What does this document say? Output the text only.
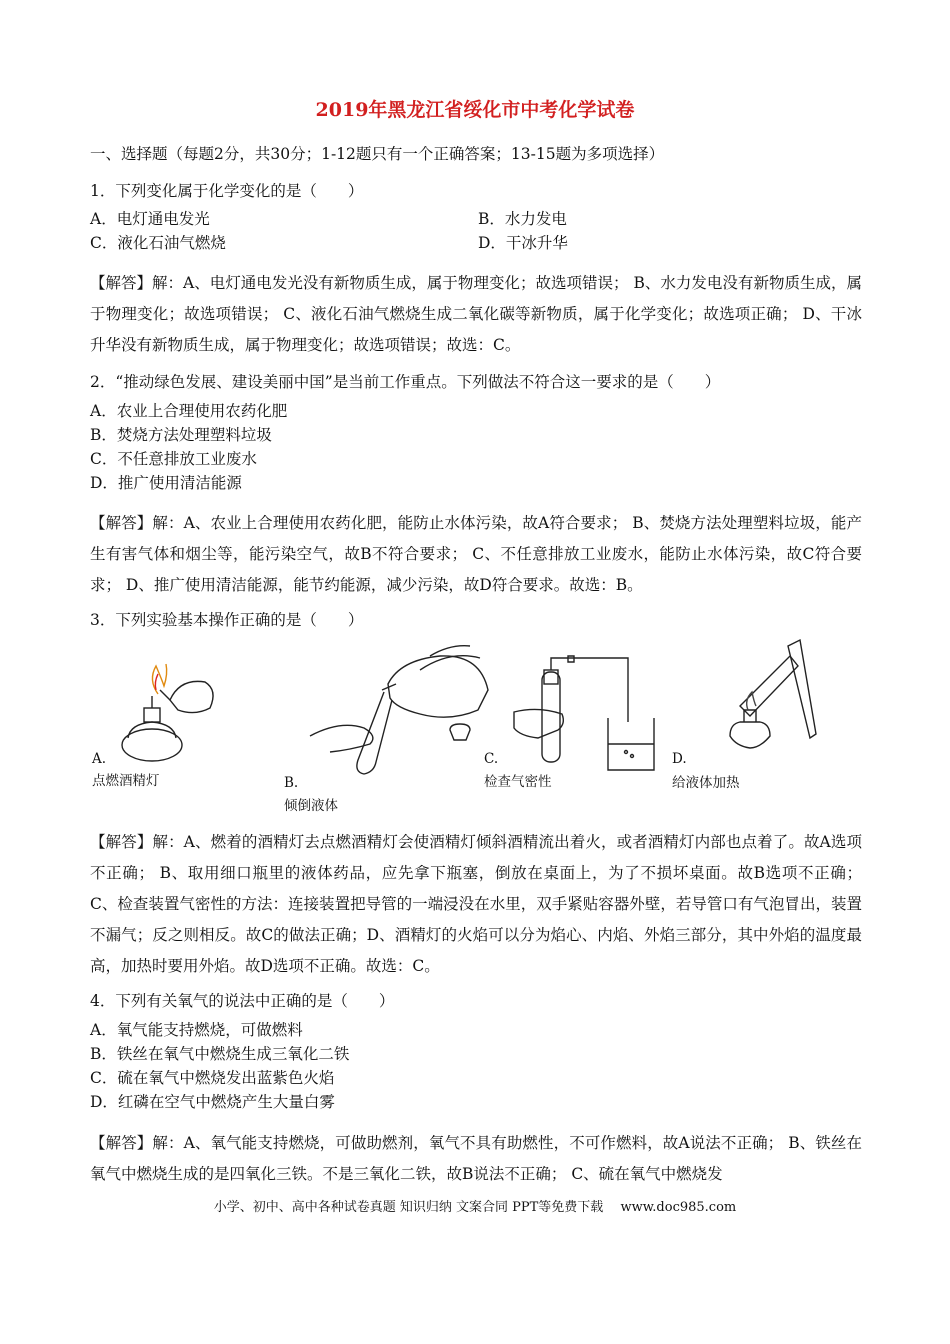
2019年黑龙江省绥化市中考化学试卷
一、选择题（每题2分，共30分；1-12题只有一个正确答案；13-15题为多项选择）
1．下列变化属于化学变化的是（　　）
A．电灯通电发光	B．水力发电
C．液化石油气燃烧	D．干冰升华
【解答】解：A、电灯通电发光没有新物质生成，属于物理变化；故选项错误； B、水力发电没有新物质生成，属于物理变化；故选项错误； C、液化石油气燃烧生成二氧化碳等新物质，属于化学变化；故选项正确； D、干冰升华没有新物质生成，属于物理变化；故选项错误；故选：C。
2．“推动绿色发展、建设美丽中国”是当前工作重点。下列做法不符合这一要求的是（　　）
A．农业上合理使用农药化肥
B．焚烧方法处理塑料垃圾
C．不任意排放工业废水
D．推广使用清洁能源
【解答】解：A、农业上合理使用农药化肥，能防止水体污染，故A符合要求； B、焚烧方法处理塑料垃圾，能产生有害气体和烟尘等，能污染空气，故B不符合要求； C、不任意排放工业废水，能防止水体污染，故C符合要求； D、推广使用清洁能源，能节约能源，减少污染，故D符合要求。故选：B。
3．下列实验基本操作正确的是（　　）
A.
点燃酒精灯	B.
倾倒液体
C.
检查气密性
D.
给液体加热
【解答】解：A、燃着的酒精灯去点燃酒精灯会使酒精灯倾斜酒精流出着火，或者酒精灯内部也点着了。故A选项不正确； B、取用细口瓶里的液体药品，应先拿下瓶塞，倒放在桌面上，为了不损坏桌面。故B选项不正确； C、检查装置气密性的方法：连接装置把导管的一端浸没在水里，双手紧贴容器外壁，若导管口有气泡冒出，装置不漏气；反之则相反。故C的做法正确；D、酒精灯的火焰可以分为焰心、内焰、外焰三部分，其中外焰的温度最高，加热时要用外焰。故D选项不正确。故选：C。
4．下列有关氧气的说法中正确的是（　　）
A．氧气能支持燃烧，可做燃料
B．铁丝在氧气中燃烧生成三氧化二铁
C．硫在氧气中燃烧发出蓝紫色火焰
D．红磷在空气中燃烧产生大量白雾
【解答】解：A、氧气能支持燃烧，可做助燃剂，氧气不具有助燃性，不可作燃料，故A说法不正确； B、铁丝在氧气中燃烧生成的是四氧化三铁。不是三氧化二铁，故B说法不正确； C、硫在氧气中燃烧发
小学、初中、高中各种试卷真题 知识归纳 文案合同 PPT等免费下载　 www.doc985.com
